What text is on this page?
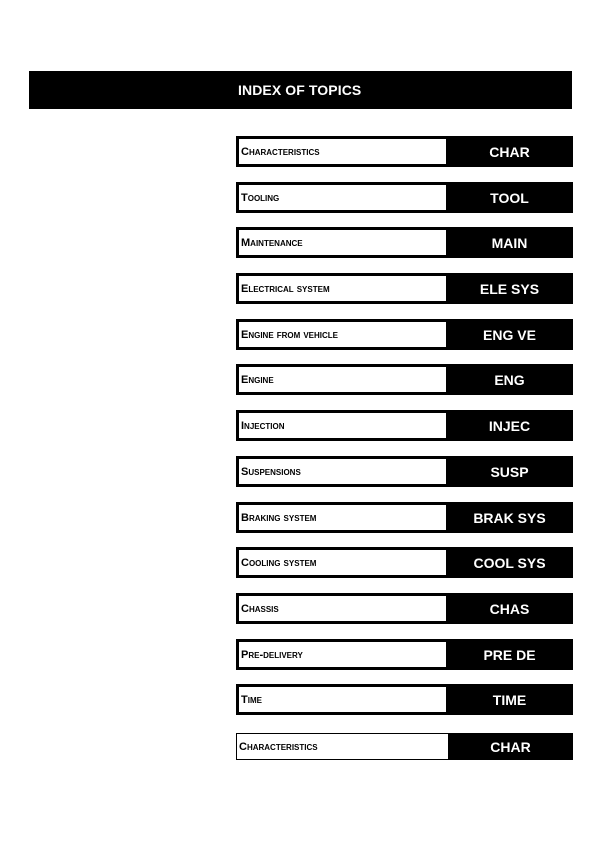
INDEX OF TOPICS
Characteristics	CHAR
Tooling	TOOL
Maintenance	MAIN
Electrical system	ELE SYS
Engine from vehicle	ENG VE
Engine	ENG
Injection	INJEC
Suspensions	SUSP
Braking system	BRAK SYS
Cooling system	COOL SYS
Chassis	CHAS
Pre-delivery	PRE DE
Time	TIME
Characteristics	CHAR
